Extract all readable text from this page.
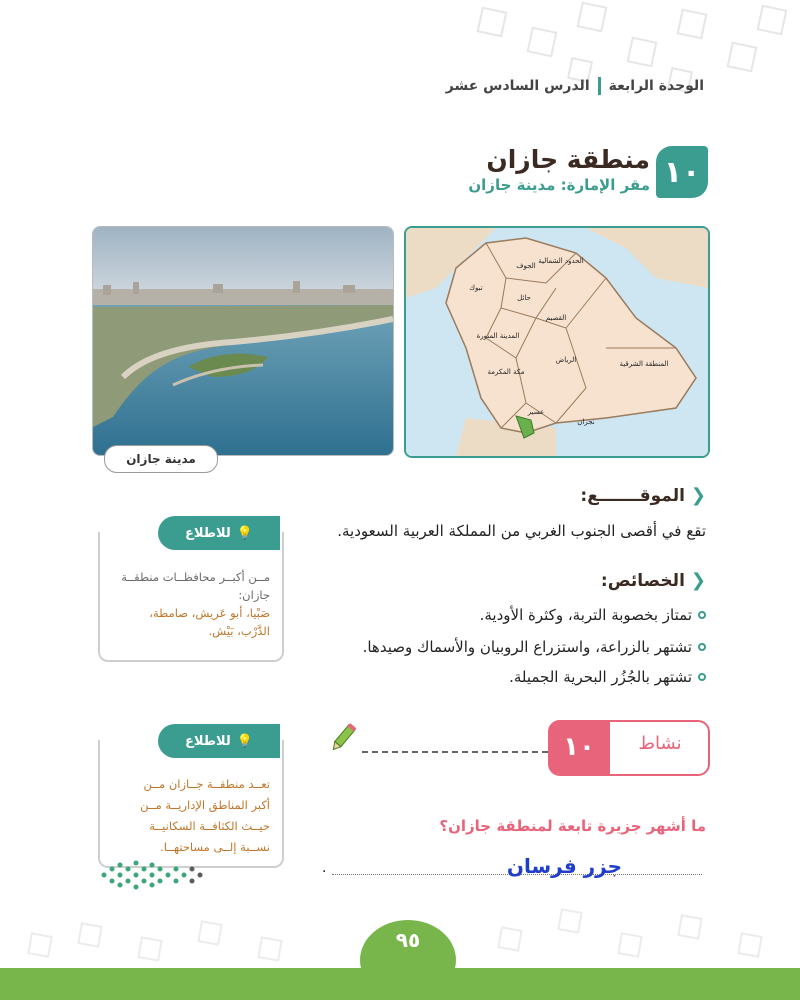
الوحدة الرابعة
الدرس السادس عشر
١٠
منطقة جازان
مقر الإمارة: مدينة جازان
مدينة جازان
الجوف
الحدود الشمالية
تبوك
حائل
القصيم
المدينة المنورة
الرياض	المنطقة الشرقية
مكة المكرمة
عسير
نجران
❮
الموقـــــــع:
تقع في أقصى الجنوب الغربي من المملكة العربية السعودية.
❮
الخصائص:
تمتاز بخصوبة التربة، وكثرة الأودية.
تشتهر بالزراعة، واستزراع الروبيان والأسماك وصيدها.
تشتهر بالجُزُر البحرية الجميلة.
💡
للاطلاع
مــن أكبــر محافظــات منطقــة
جازان:
صَبْيا، أبو عَريش، صامطة،
الدَّرْب، بَيْش.
💡
للاطلاع
تعــد منطقــة جــازان مــن
أكبر المناطق الإداريــة مــن
حيــث الكثافــة السكانيــة
نســبة إلــى مساحتهــا.
١٠	نشاط
ما أشهر جزيرة تابعة لمنطقة جازان؟
.	جزر فرسان
٩٥
